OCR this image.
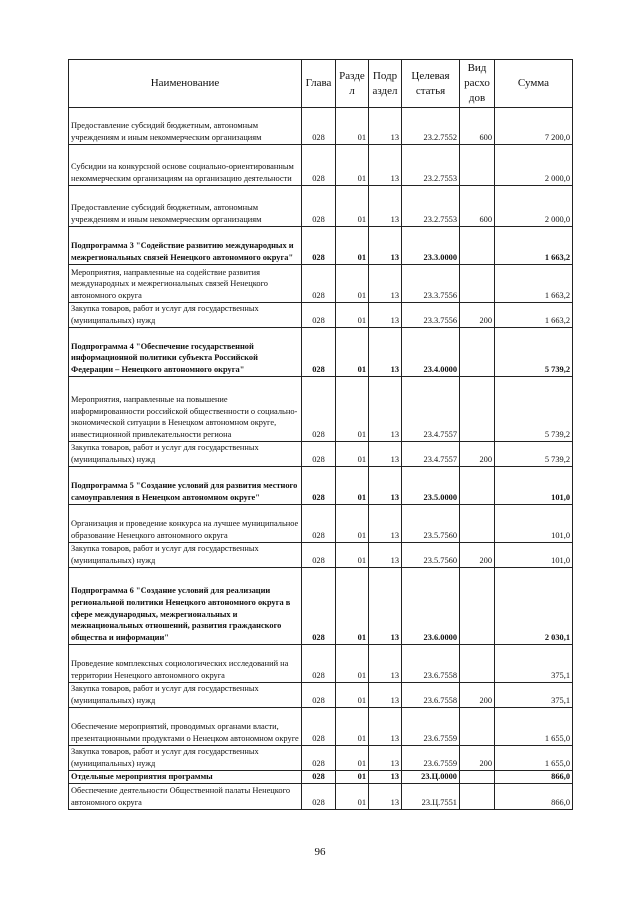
Наименование	Глава	Разде л	Подр аздел	Целевая статья	Вид расхо дов	Сумма
Предоставление субсидий бюджетным, автономным учреждениям и иным некоммерческим организациям	028	01	13	23.2.7552	600	7 200,0
Субсидии на конкурсной основе социально-ориентированным некоммерческим организациям на организацию деятельности	028	01	13	23.2.7553		2 000,0
Предоставление субсидий бюджетным, автономным учреждениям и иным некоммерческим организациям	028	01	13	23.2.7553	600	2 000,0
Подпрограмма 3 "Содействие развитию международных и межрегиональных связей Ненецкого автономного округа"	028	01	13	23.3.0000		1 663,2
Мероприятия, направленные на содействие развития международных и межрегиональных связей Ненецкого автономного округа	028	01	13	23.3.7556		1 663,2
Закупка товаров, работ и услуг для государственных (муниципальных) нужд	028	01	13	23.3.7556	200	1 663,2
Подпрограмма 4 "Обеспечение государственной информационной политики субъекта Российской Федерации – Ненецкого автономного округа"	028	01	13	23.4.0000		5 739,2
Мероприятия, направленные на повышение информированности российской общественности о социально-экономической ситуации в Ненецком автономном округе, инвестиционной привлекательности региона	028	01	13	23.4.7557		5 739,2
Закупка товаров, работ и услуг для государственных (муниципальных) нужд	028	01	13	23.4.7557	200	5 739,2
Подпрограмма 5 "Создание условий для развития местного самоуправления в Ненецком автономном округе"	028	01	13	23.5.0000		101,0
Организация и проведение конкурса на лучшее муниципальное образование Ненецкого автономного округа	028	01	13	23.5.7560		101,0
Закупка товаров, работ и услуг для государственных (муниципальных) нужд	028	01	13	23.5.7560	200	101,0
Подпрограмма 6 "Создание условий для реализации региональной политики Ненецкого автономного округа в сфере международных, межрегиональных и межнациональных отношений, развития гражданского общества и информации"	028	01	13	23.6.0000		2 030,1
Проведение комплексных социологических исследований на территории Ненецкого автономного округа	028	01	13	23.6.7558		375,1
Закупка товаров, работ и услуг для государственных (муниципальных) нужд	028	01	13	23.6.7558	200	375,1
Обеспечение мероприятий, проводимых органами власти, презентационными продуктами о Ненецком автономном округе	028	01	13	23.6.7559		1 655,0
Закупка товаров, работ и услуг для государственных (муниципальных) нужд	028	01	13	23.6.7559	200	1 655,0
Отдельные мероприятия программы	028	01	13	23.Ц.0000		866,0
Обеспечение деятельности Общественной палаты Ненецкого автономного округа	028	01	13	23.Ц.7551		866,0
96
